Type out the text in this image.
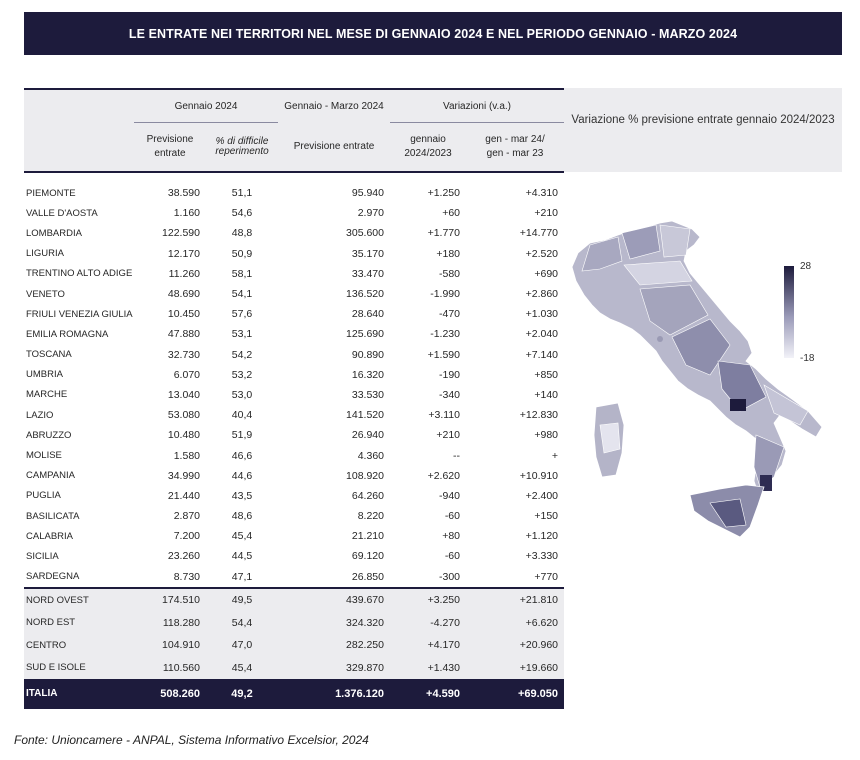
LE ENTRATE NEI TERRITORI NEL MESE DI GENNAIO 2024 E NEL PERIODO GENNAIO - MARZO 2024
	Gennaio 2024		Gennaio - Marzo 2024	Variazioni (v.a.)	
	Previsione entrate	% di difficile reperimento	Previsione entrate	gennaio 2024/2023	gen - mar 24/ gen - mar 23

PIEMONTE	38.590	51,1	95.940	+1.250	+4.310
VALLE D'AOSTA	1.160	54,6	2.970	+60	+210
LOMBARDIA	122.590	48,8	305.600	+1.770	+14.770
LIGURIA	12.170	50,9	35.170	+180	+2.520
TRENTINO ALTO ADIGE	11.260	58,1	33.470	-580	+690
VENETO	48.690	54,1	136.520	-1.990	+2.860
FRIULI VENEZIA GIULIA	10.450	57,6	28.640	-470	+1.030
EMILIA ROMAGNA	47.880	53,1	125.690	-1.230	+2.040
TOSCANA	32.730	54,2	90.890	+1.590	+7.140
UMBRIA	6.070	53,2	16.320	-190	+850
MARCHE	13.040	53,0	33.530	-340	+140
LAZIO	53.080	40,4	141.520	+3.110	+12.830
ABRUZZO	10.480	51,9	26.940	+210	+980
MOLISE	1.580	46,6	4.360	--	+
CAMPANIA	34.990	44,6	108.920	+2.620	+10.910
PUGLIA	21.440	43,5	64.260	-940	+2.400
BASILICATA	2.870	48,6	8.220	-60	+150
CALABRIA	7.200	45,4	21.210	+80	+1.120
SICILIA	23.260	44,5	69.120	-60	+3.330
SARDEGNA	8.730	47,1	26.850	-300	+770
NORD OVEST	174.510	49,5	439.670	+3.250	+21.810
NORD EST	118.280	54,4	324.320	-4.270	+6.620
CENTRO	104.910	47,0	282.250	+4.170	+20.960
SUD E ISOLE	110.560	45,4	329.870	+1.430	+19.660
ITALIA	508.260	49,2	1.376.120	+4.590	+69.050
Variazione % previsione entrate gennaio 2024/2023
28
-18
Fonte: Unioncamere - ANPAL, Sistema Informativo Excelsior, 2024
